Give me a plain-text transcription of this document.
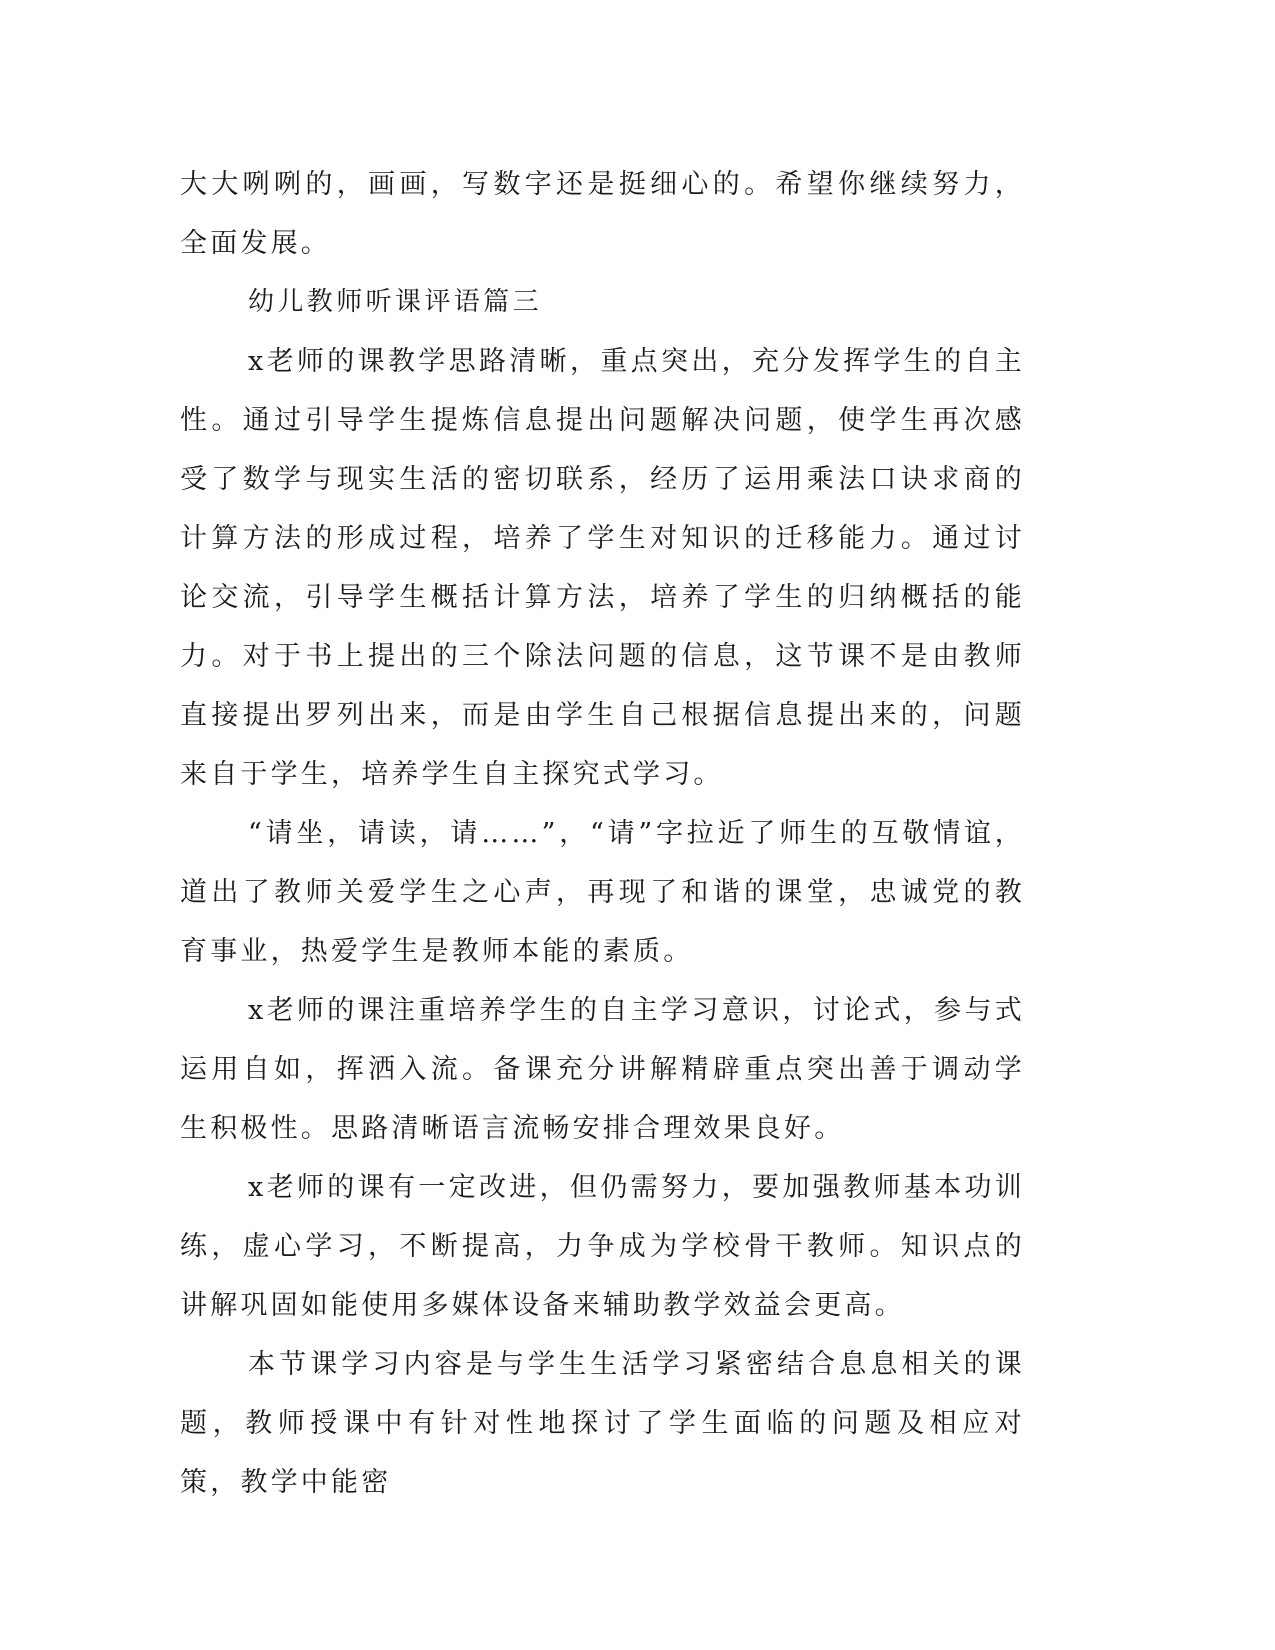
大大咧咧的，画画，写数字还是挺细心的。希望你继续努力，全面发展。

幼儿教师听课评语篇三

x老师的课教学思路清晰，重点突出，充分发挥学生的自主性。通过引导学生提炼信息提出问题解决问题，使学生再次感受了数学与现实生活的密切联系，经历了运用乘法口诀求商的计算方法的形成过程，培养了学生对知识的迁移能力。通过讨论交流，引导学生概括计算方法，培养了学生的归纳概括的能力。对于书上提出的三个除法问题的信息，这节课不是由教师直接提出罗列出来，而是由学生自己根据信息提出来的，问题来自于学生，培养学生自主探究式学习。

“请坐，请读，请……”，“请”字拉近了师生的互敬情谊，道出了教师关爱学生之心声，再现了和谐的课堂，忠诚党的教育事业，热爱学生是教师本能的素质。

x老师的课注重培养学生的自主学习意识，讨论式，参与式运用自如，挥洒入流。备课充分讲解精辟重点突出善于调动学生积极性。思路清晰语言流畅安排合理效果良好。

x老师的课有一定改进，但仍需努力，要加强教师基本功训练，虚心学习，不断提高，力争成为学校骨干教师。知识点的讲解巩固如能使用多媒体设备来辅助教学效益会更高。

本节课学习内容是与学生生活学习紧密结合息息相关的课题，教师授课中有针对性地探讨了学生面临的问题及相应对策，教学中能密
